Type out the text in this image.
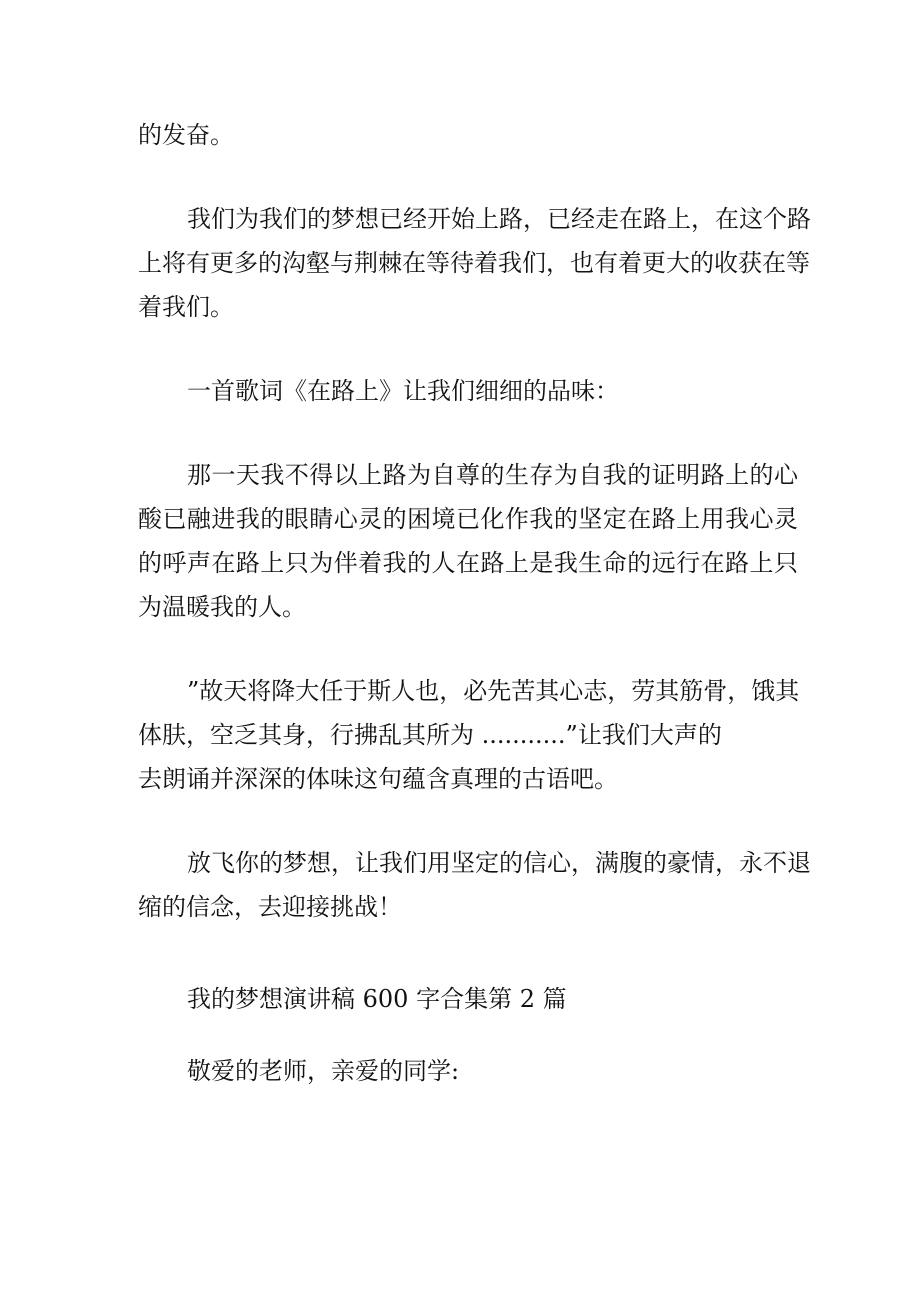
的发奋。
我们为我们的梦想已经开始上路，已经走在路上，在这个路
上将有更多的沟壑与荆棘在等待着我们，也有着更大的收获在等
着我们。
一首歌词《在路上》让我们细细的品味：
那一天我不得以上路为自尊的生存为自我的证明路上的心
酸已融进我的眼睛心灵的困境已化作我的坚定在路上用我心灵
的呼声在路上只为伴着我的人在路上是我生命的远行在路上只
为温暖我的人。
”故天将降大任于斯人也，必先苦其心志，劳其筋骨，饿其
体肤，空乏其身，行拂乱其所为 ...........”让我们大声的
去朗诵并深深的体味这句蕴含真理的古语吧。
放飞你的梦想，让我们用坚定的信心，满腹的豪情，永不退
缩的信念，去迎接挑战！
我的梦想演讲稿 600 字合集第 2 篇
敬爱的老师，亲爱的同学:
